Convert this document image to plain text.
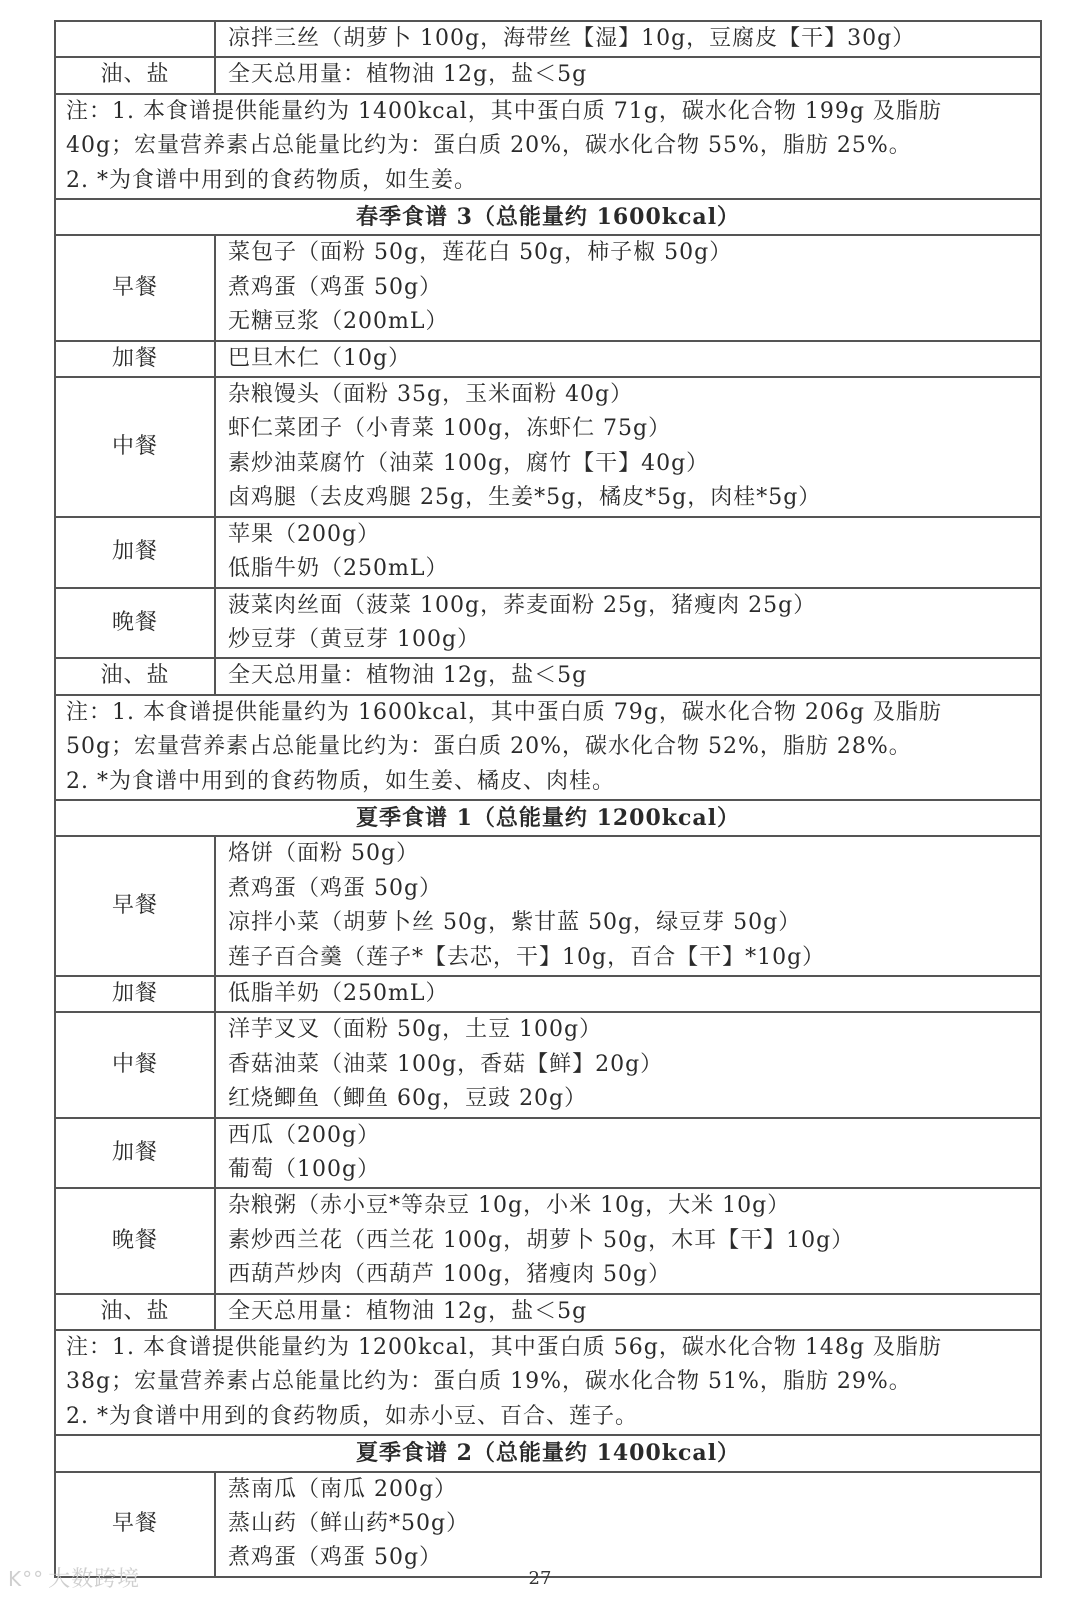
	凉拌三丝（胡萝卜 100g，海带丝【湿】10g，豆腐皮【干】30g）

油、盐	全天总用量：植物油 12g，盐＜5g

注：1. 本食谱提供能量约为 1400kcal，其中蛋白质 71g，碳水化合物 199g 及脂肪
40g；宏量营养素占总能量比约为：蛋白质 20%，碳水化合物 55%，脂肪 25%。
2. *为食谱中用到的食药物质，如生姜。	

春季食谱 3（总能量约 1600kcal）	
早餐	菜包子（面粉 50g，莲花白 50g，柿子椒 50g）
煮鸡蛋（鸡蛋 50g）
无糖豆浆（200mL）

加餐	巴旦木仁（10g）

中餐	杂粮馒头（面粉 35g，玉米面粉 40g）
虾仁菜团子（小青菜 100g，冻虾仁 75g）
素炒油菜腐竹（油菜 100g，腐竹【干】40g）
卤鸡腿（去皮鸡腿 25g，生姜*5g，橘皮*5g，肉桂*5g）

加餐	苹果（200g）
低脂牛奶（250mL）

晚餐	菠菜肉丝面（菠菜 100g，荞麦面粉 25g，猪瘦肉 25g）
炒豆芽（黄豆芽 100g）

油、盐	全天总用量：植物油 12g，盐＜5g

注：1. 本食谱提供能量约为 1600kcal，其中蛋白质 79g，碳水化合物 206g 及脂肪
50g；宏量营养素占总能量比约为：蛋白质 20%，碳水化合物 52%，脂肪 28%。
2. *为食谱中用到的食药物质，如生姜、橘皮、肉桂。	

夏季食谱 1（总能量约 1200kcal）	
早餐	烙饼（面粉 50g）
煮鸡蛋（鸡蛋 50g）
凉拌小菜（胡萝卜丝 50g，紫甘蓝 50g，绿豆芽 50g）
莲子百合羹（莲子*【去芯，干】10g，百合【干】*10g）

加餐	低脂羊奶（250mL）

中餐	洋芋叉叉（面粉 50g，土豆 100g）
香菇油菜（油菜 100g，香菇【鲜】20g）
红烧鲫鱼（鲫鱼 60g，豆豉 20g）

加餐	西瓜（200g）
葡萄（100g）

晚餐	杂粮粥（赤小豆*等杂豆 10g，小米 10g，大米 10g）
素炒西兰花（西兰花 100g，胡萝卜 50g，木耳【干】10g）
西葫芦炒肉（西葫芦 100g，猪瘦肉 50g）

油、盐	全天总用量：植物油 12g，盐＜5g

注：1. 本食谱提供能量约为 1200kcal，其中蛋白质 56g，碳水化合物 148g 及脂肪
38g；宏量营养素占总能量比约为：蛋白质 19%，碳水化合物 51%，脂肪 29%。
2. *为食谱中用到的食药物质，如赤小豆、百合、莲子。	

夏季食谱 2（总能量约 1400kcal）	
早餐	蒸南瓜（南瓜 200g）
蒸山药（鲜山药*50g）
煮鸡蛋（鸡蛋 50g）
K°° 大数跨境	27
